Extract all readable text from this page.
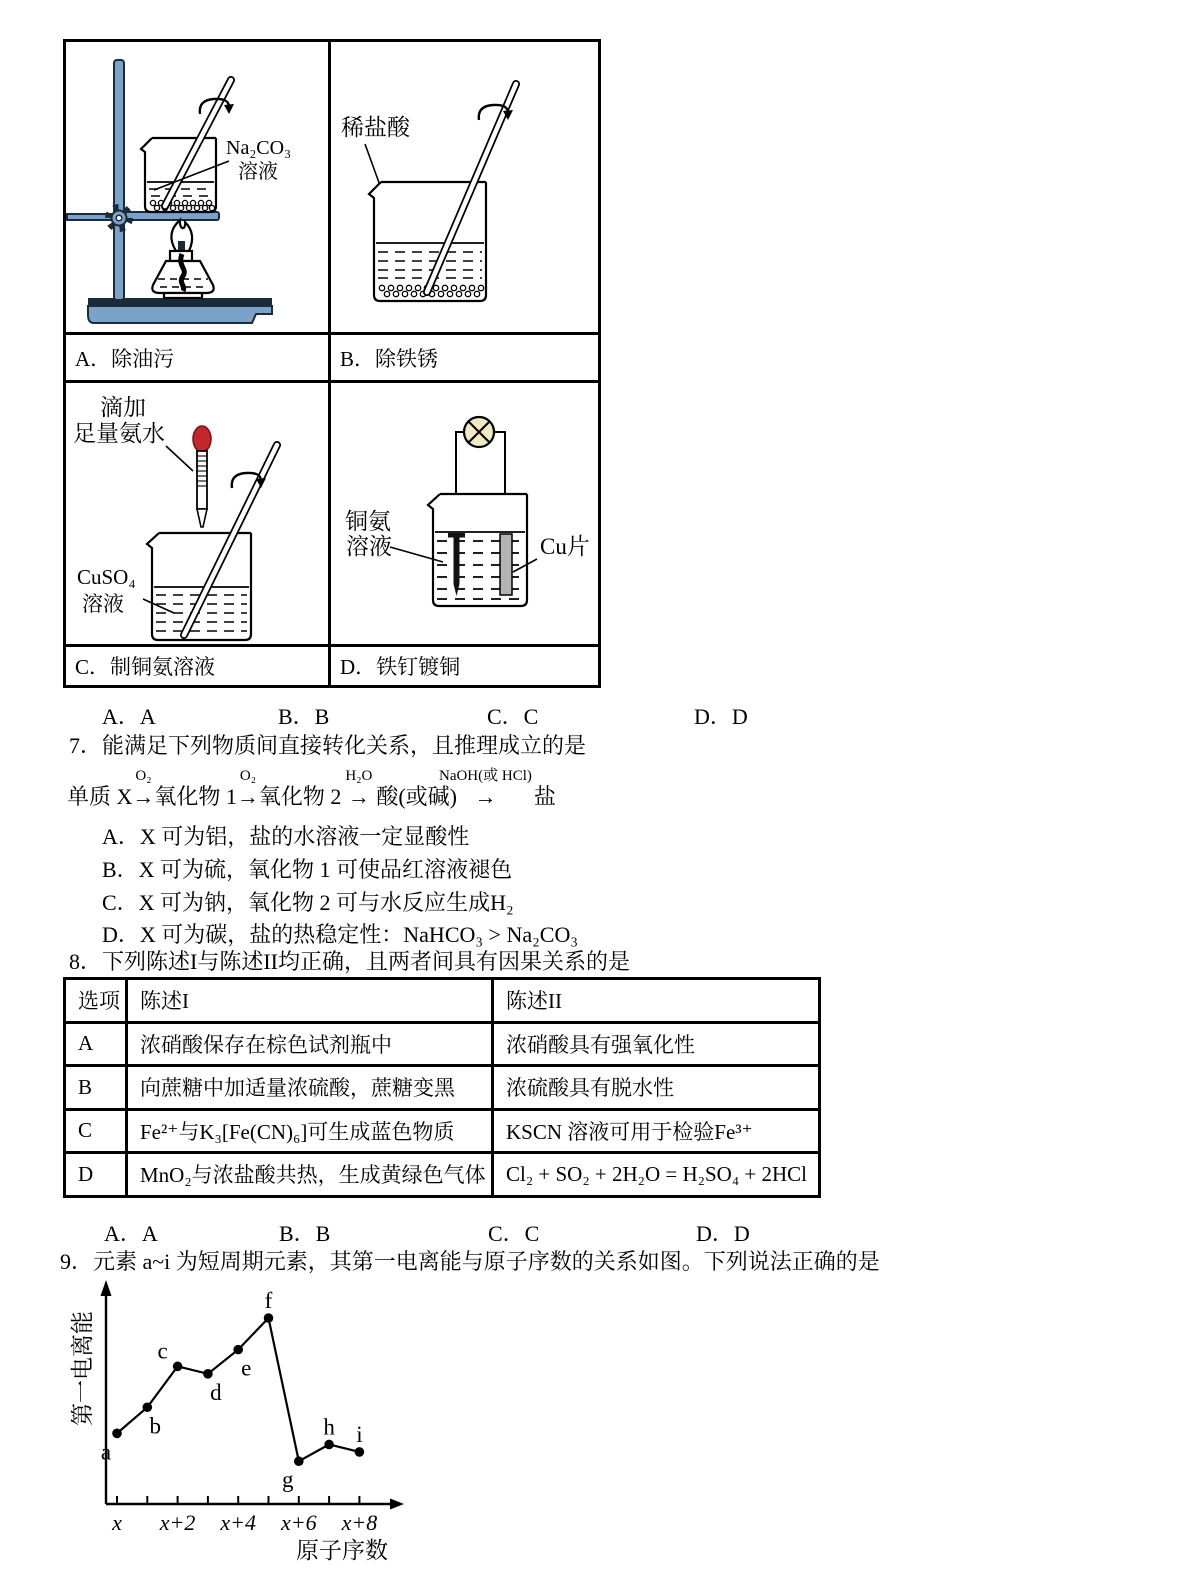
Na₂CO₃
溶液
稀盐酸
A．除油污	B．除铁锈
滴加
足量氨水
CuSO₄
溶液
铜氨
溶液	Cu片
C．制铜氨溶液	D．铁钉镀铜
A．A	B．B	C．C	D．D
7．能满足下列物质间直接转化关系，且推理成立的是
单质 X
O₂
→ 氧化物 1
O₂
→ 氧化物 2
H₂O
→ 酸(或碱)
NaOH(或 HCl)
→ 盐
A．X 可为铝，盐的水溶液一定显酸性
B．X 可为硫，氧化物 1 可使品红溶液褪色
C．X 可为钠，氧化物 2 可与水反应生成H₂
D．X 可为碳，盐的热稳定性：NaHCO₃ > Na₂CO₃
8．下列陈述I与陈述II均正确，且两者间具有因果关系的是
选项	陈述I	陈述II
A	浓硝酸保存在棕色试剂瓶中	浓硝酸具有强氧化性
B	向蔗糖中加适量浓硫酸，蔗糖变黑	浓硫酸具有脱水性
C	Fe²⁺与K₃[Fe(CN)₆]可生成蓝色物质	KSCN 溶液可用于检验Fe³⁺
D	MnO₂与浓盐酸共热，生成黄绿色气体	Cl₂ + SO₂ + 2H₂O = H₂SO₄ + 2HCl
A．A	B．B	C．C	D．D
9．元素 a~i 为短周期元素，其第一电离能与原子序数的关系如图。下列说法正确的是
x x+2 x+4 x+6 x+8
原子序数
第一电离能
a
b
c
d
e
f
g
h i
